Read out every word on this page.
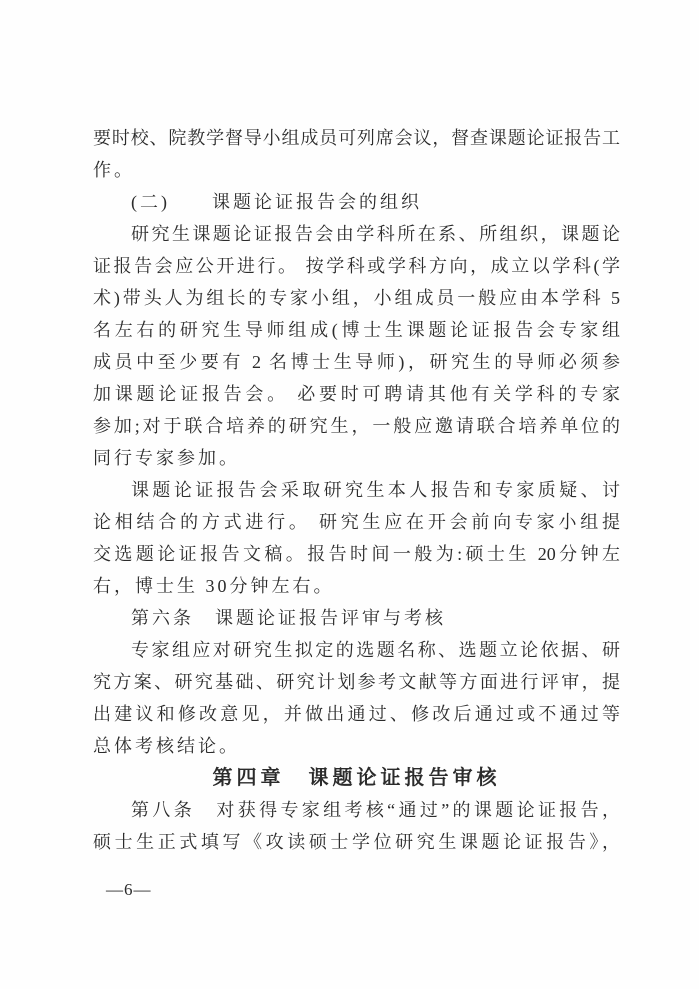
要时校、院教学督导小组成员可列席会议，督查课题论证报告工
作。
(二)　　课题论证报告会的组织
研究生课题论证报告会由学科所在系、所组织，课题论
证报告会应公开进行。 按学科或学科方向，成立以学科(学
术)带头人为组长的专家小组，小组成员一般应由本学科 5
名左右的研究生导师组成(博士生课题论证报告会专家组
成员中至少要有 2 名博士生导师)，研究生的导师必须参
加课题论证报告会。 必要时可聘请其他有关学科的专家
参加;对于联合培养的研究生，一般应邀请联合培养单位的
同行专家参加。
课题论证报告会采取研究生本人报告和专家质疑、讨
论相结合的方式进行。 研究生应在开会前向专家小组提
交选题论证报告文稿。报告时间一般为:硕士生 20分钟左
右，博士生 30分钟左右。
第六条　课题论证报告评审与考核
专家组应对研究生拟定的选题名称、选题立论依据、研
究方案、研究基础、研究计划参考文献等方面进行评审，提
出建议和修改意见，并做出通过、修改后通过或不通过等
总体考核结论。
第四章　课题论证报告审核
第八条　对获得专家组考核“通过”的课题论证报告，
硕士生正式填写《攻读硕士学位研究生课题论证报告》，
—6—
